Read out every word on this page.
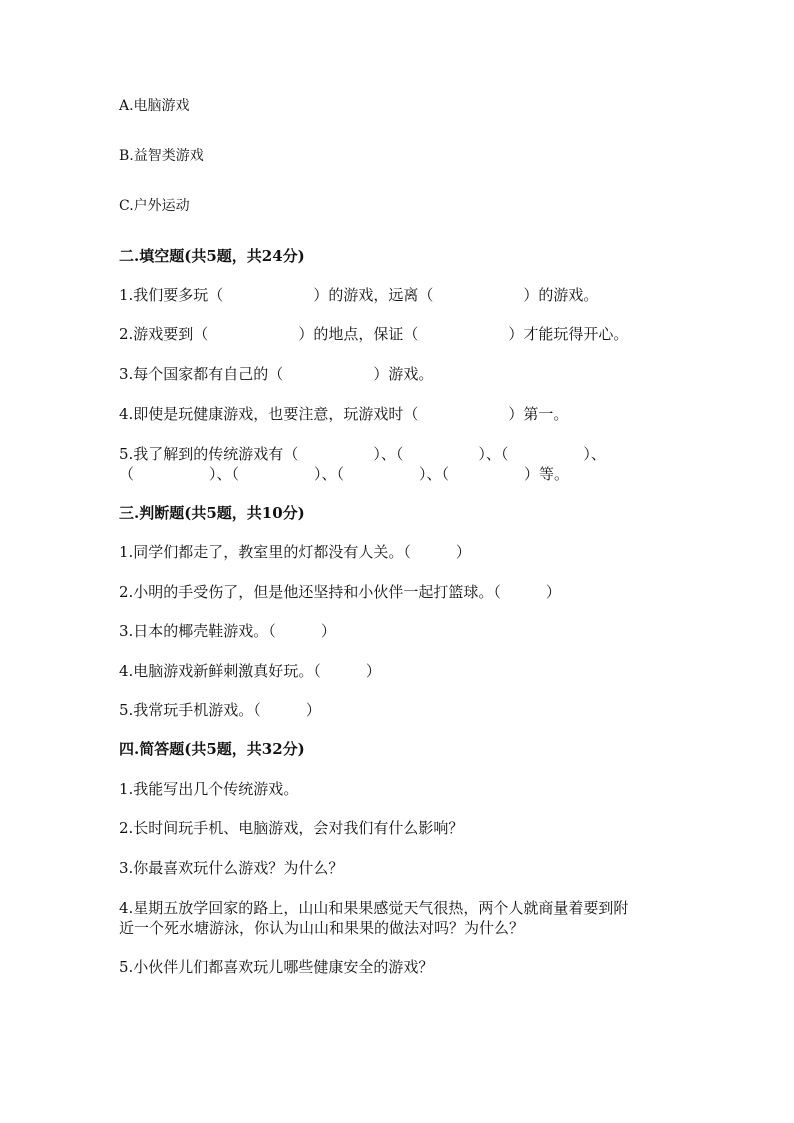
A.电脑游戏
B.益智类游戏
C.户外运动
二.填空题(共5题，共24分)
1.我们要多玩（　　　　　　）的游戏，远离（　　　　　　）的游戏。
2.游戏要到（　　　　　　）的地点，保证（　　　　　　）才能玩得开心。
3.每个国家都有自己的（　　　　　　）游戏。
4.即使是玩健康游戏，也要注意，玩游戏时（　　　　　　）第一。
5.我了解到的传统游戏有（　　　　　）、（　　　　　）、（　　　　　）、
（　　　　　）、（　　　　　）、（　　　　　）、（　　　　　）等。
三.判断题(共5题，共10分)
1.同学们都走了，教室里的灯都没有人关。（　　　）
2.小明的手受伤了，但是他还坚持和小伙伴一起打篮球。（　　　）
3.日本的椰壳鞋游戏。（　　　）
4.电脑游戏新鲜刺激真好玩。（　　　）
5.我常玩手机游戏。（　　　）
四.简答题(共5题，共32分)
1.我能写出几个传统游戏。
2.长时间玩手机、电脑游戏，会对我们有什么影响？
3.你最喜欢玩什么游戏？为什么？
4.星期五放学回家的路上，山山和果果感觉天气很热，两个人就商量着要到附
近一个死水塘游泳，你认为山山和果果的做法对吗？为什么？
5.小伙伴儿们都喜欢玩儿哪些健康安全的游戏？
